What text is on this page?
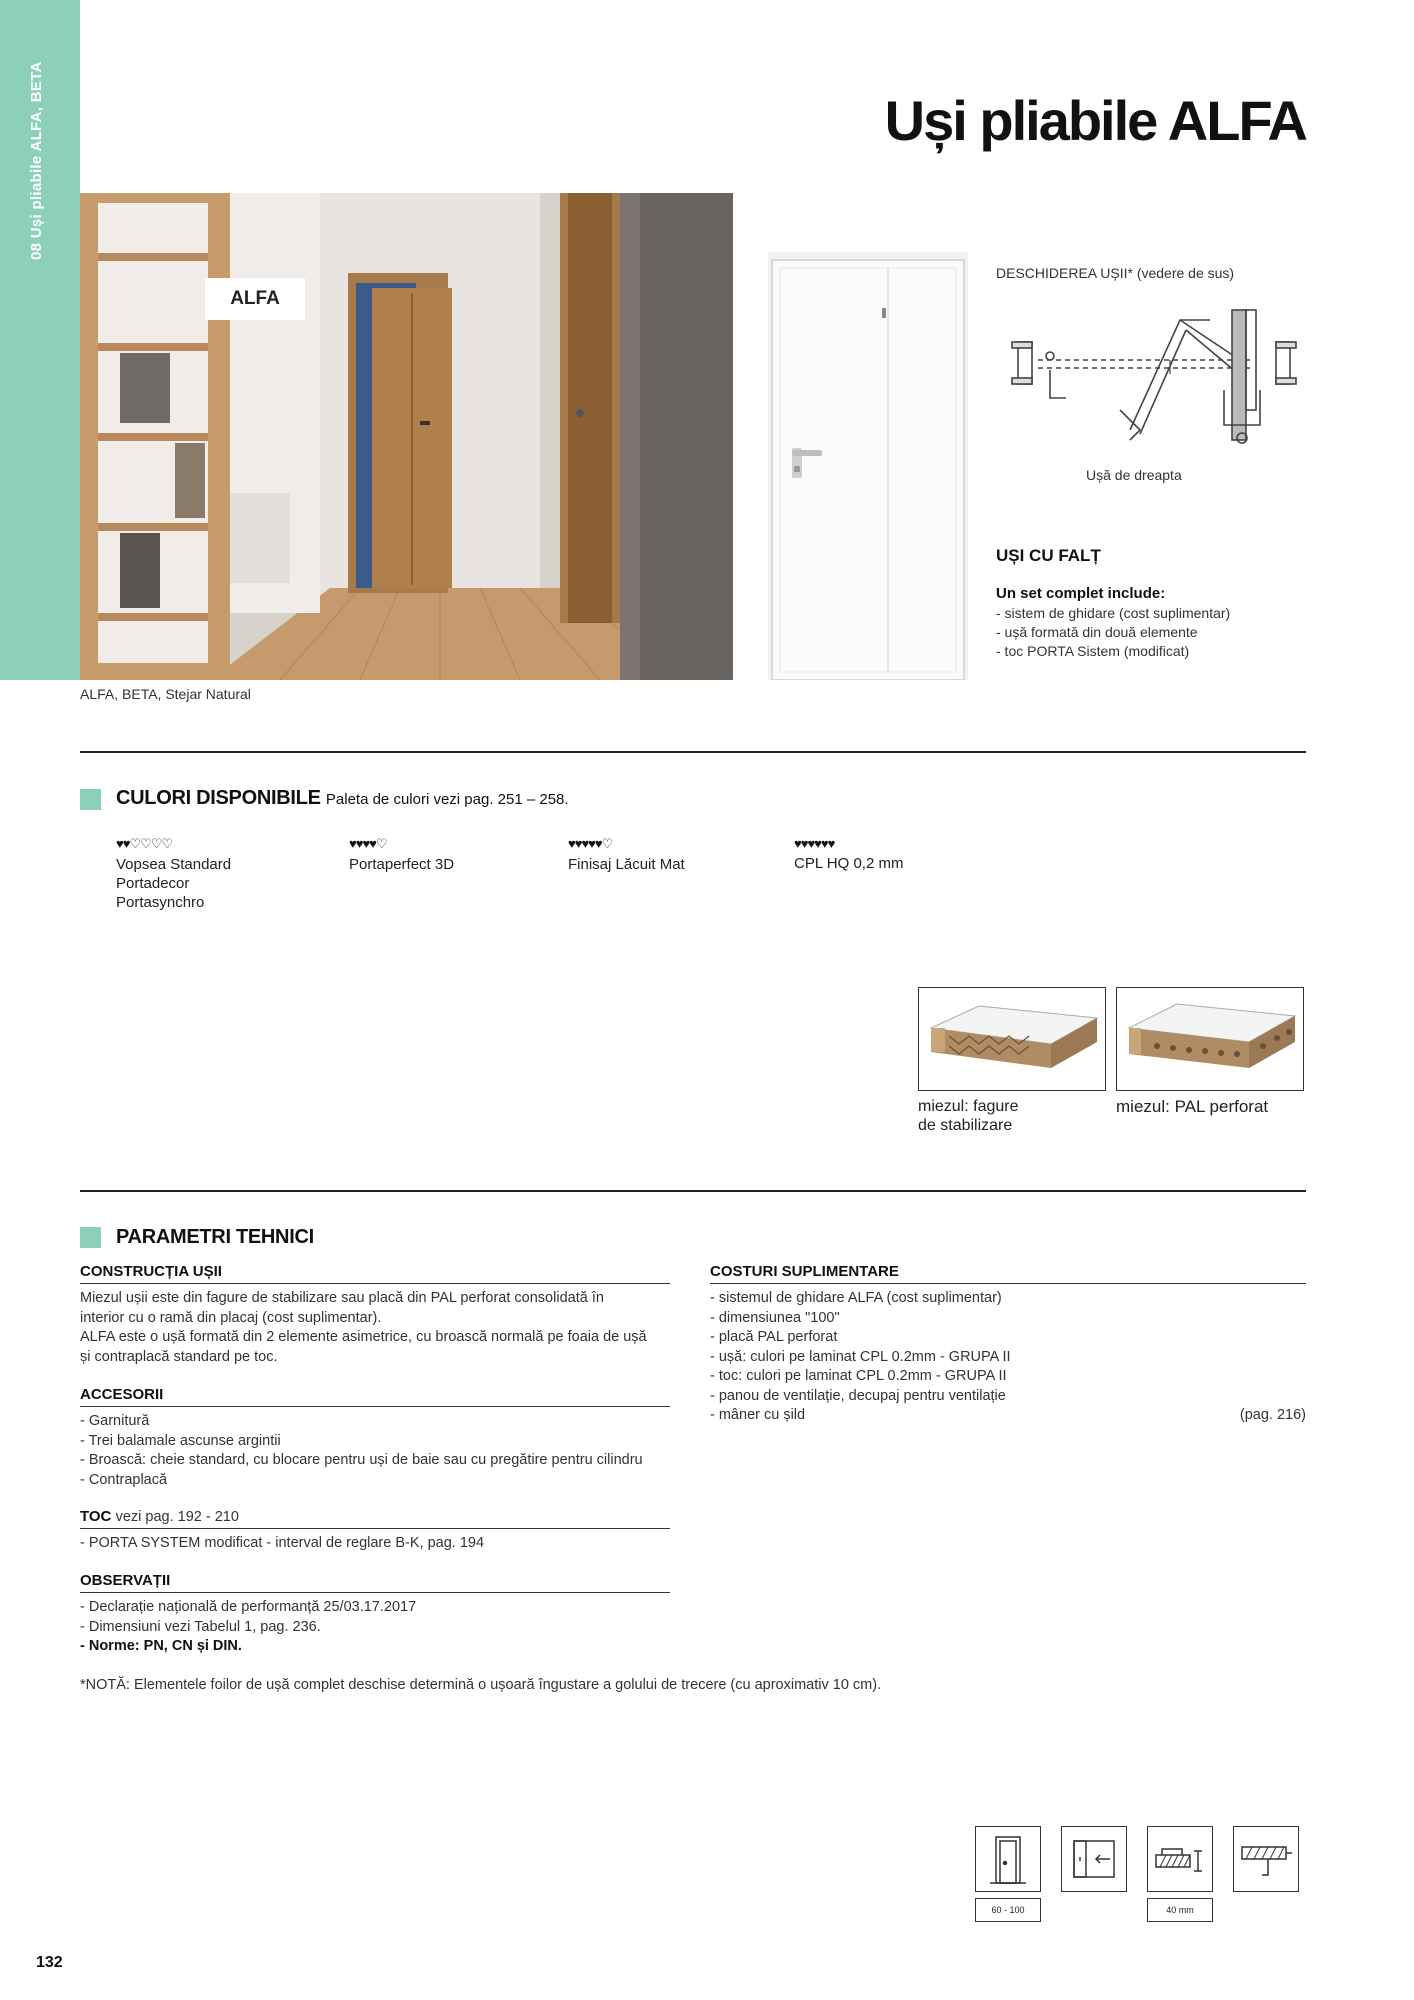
08 Uși pliabile ALFA, BETA	Uși pliabile ALFA
ALFA
ALFA, BETA, Stejar Natural
DESCHIDEREA UȘII* (vedere de sus)
Ușă de dreapta
UȘI CU FALȚ
Un set complet include:
- sistem de ghidare (cost suplimentar)
- ușă formată din două elemente
- toc PORTA Sistem (modificat)
CULORI DISPONIBILE Paleta de culori vezi pag. 251 – 258.
♥♥♡♡♡♡
Vopsea Standard
Portadecor
Portasynchro
♥♥♥♥♡
Portaperfect 3D
♥♥♥♥♥♡
Finisaj Lăcuit Mat
♥♥♥♥♥♥
CPL HQ 0,2 mm
miezul: fagure
de stabilizare
miezul: PAL perforat
PARAMETRI TEHNICI
CONSTRUCȚIA UȘII
Miezul ușii este din fagure de stabilizare sau placă din PAL perforat consolidată în
interior cu o ramă din placaj (cost suplimentar).
ALFA este o ușă formată din 2 elemente asimetrice, cu broască normală pe foaia de ușă
și contraplacă standard pe toc.
ACCESORII
- Garnitură
- Trei balamale ascunse argintii
- Broască: cheie standard, cu blocare pentru uși de baie sau cu pregătire pentru cilindru
- Contraplacă
TOC vezi pag. 192 - 210
- PORTA SYSTEM modificat - interval de reglare B-K, pag. 194
OBSERVAȚII
- Declarație națională de performanță 25/03.17.2017
- Dimensiuni vezi Tabelul 1, pag. 236.
- Norme: PN, CN și DIN.
COSTURI SUPLIMENTARE
- sistemul de ghidare ALFA (cost suplimentar)
- dimensiunea "100"
- placă PAL perforat
- ușă: culori pe laminat CPL 0.2mm - GRUPA II
- toc: culori pe laminat CPL 0.2mm - GRUPA II
- panou de ventilație, decupaj pentru ventilație
- mâner cu șild	(pag. 216)
*NOTĂ: Elementele foilor de ușă complet deschise determină o ușoară îngustare a golului de trecere (cu aproximativ 10 cm).
60 - 100	40 mm
132
